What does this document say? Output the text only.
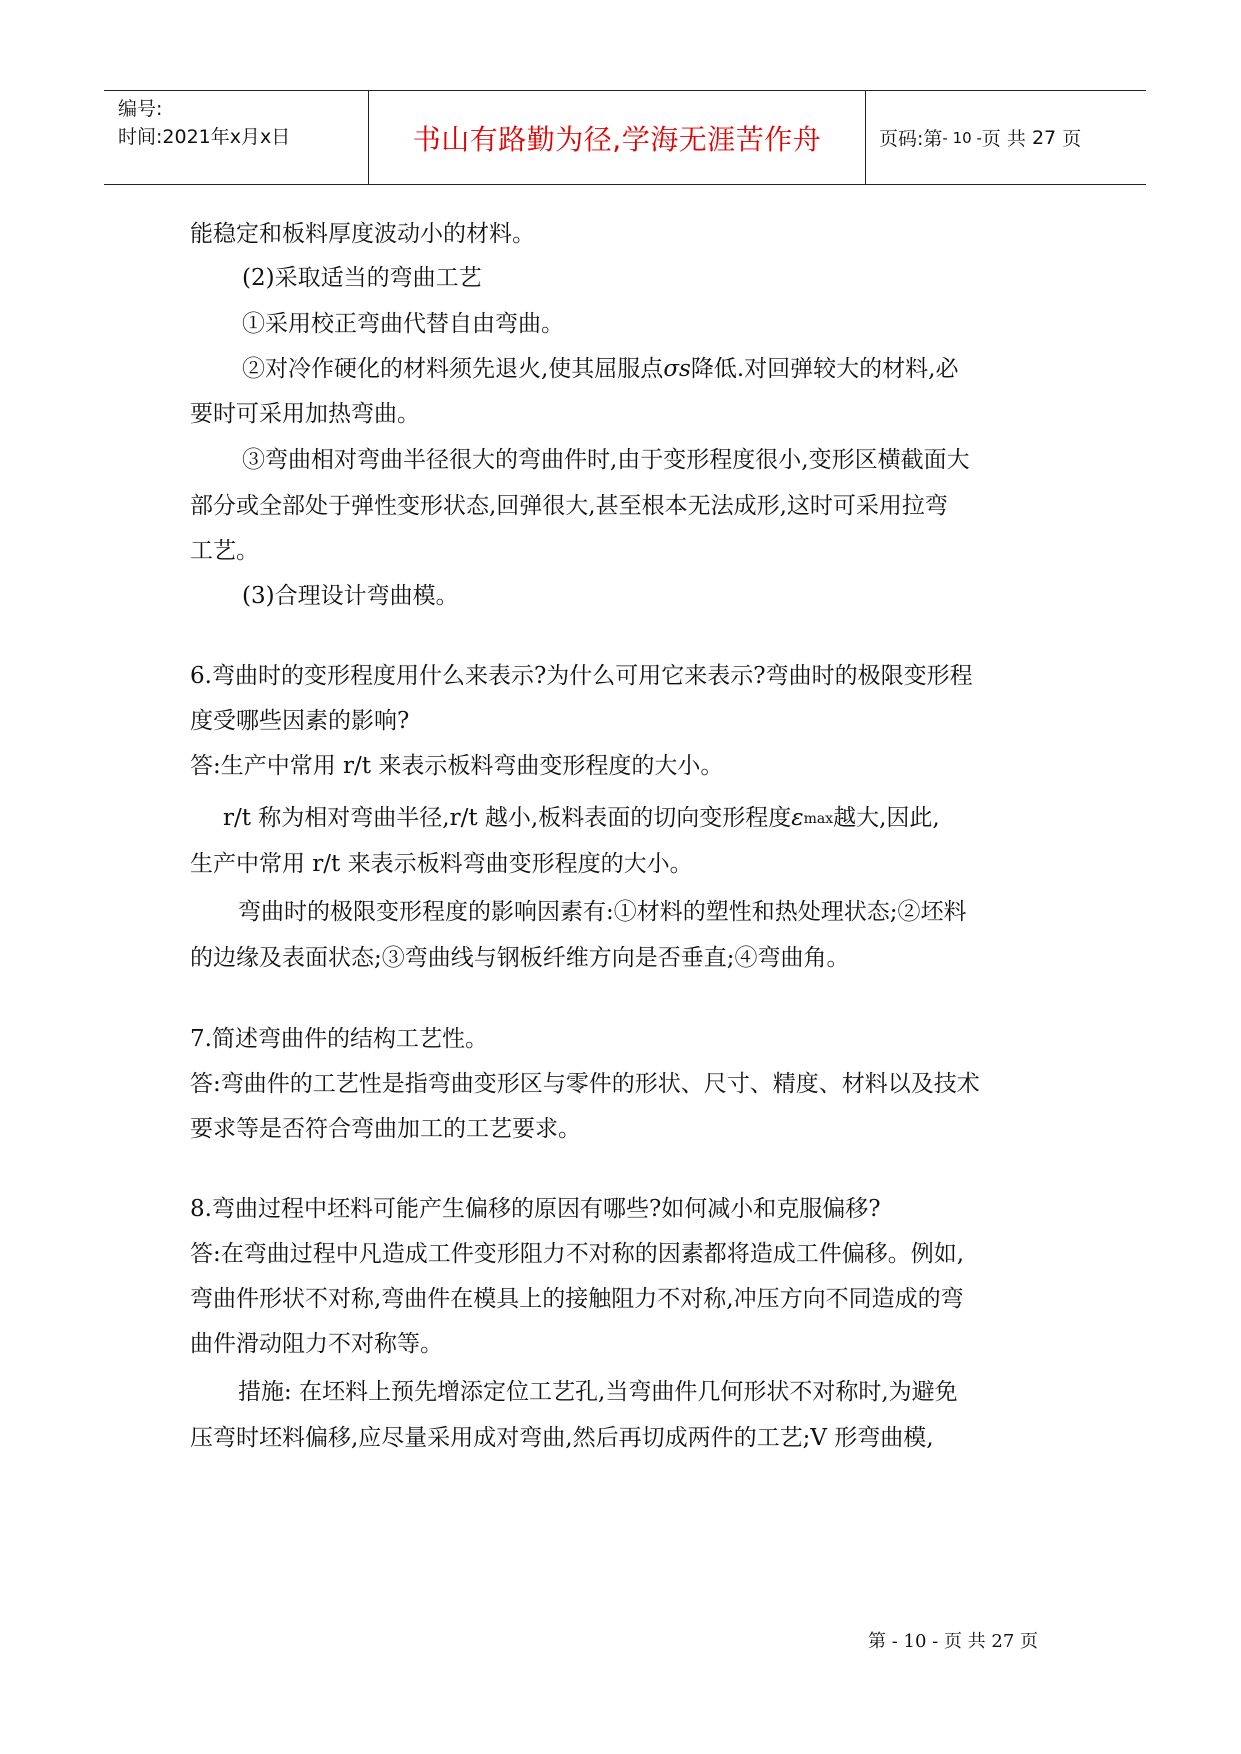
编号:
时间:2021年x月x日	书山有路勤为径,学海无涯苦作舟	页码:第 - 10 - 页 共
27
页
能稳定和板料厚度波动小的材料。
(2)采取适当的弯曲工艺
①采用校正弯曲代替自由弯曲。
②对冷作硬化的材料须先退火,使其屈服点σs降低.对回弹较大的材料,必
要时可采用加热弯曲。
③弯曲相对弯曲半径很大的弯曲件时,由于变形程度很小,变形区横截面大
部分或全部处于弹性变形状态,回弹很大,甚至根本无法成形,这时可采用拉弯
工艺。
(3)合理设计弯曲模。
6.弯曲时的变形程度用什么来表示?为什么可用它来表示?弯曲时的极限变形程
度受哪些因素的影响?
答:生产中常用 r/t 来表示板料弯曲变形程度的大小。
r/t 称为相对弯曲半径,r/t 越小,板料表面的切向变形程度εmax越大,因此,
生产中常用 r/t 来表示板料弯曲变形程度的大小。
弯曲时的极限变形程度的影响因素有:①材料的塑性和热处理状态;②坯料
的边缘及表面状态;③弯曲线与钢板纤维方向是否垂直;④弯曲角。
7.简述弯曲件的结构工艺性。
答:弯曲件的工艺性是指弯曲变形区与零件的形状、尺寸、精度、材料以及技术
要求等是否符合弯曲加工的工艺要求。
8.弯曲过程中坯料可能产生偏移的原因有哪些?如何减小和克服偏移?
答:在弯曲过程中凡造成工件变形阻力不对称的因素都将造成工件偏移。例如,
弯曲件形状不对称,弯曲件在模具上的接触阻力不对称,冲压方向不同造成的弯
曲件滑动阻力不对称等。
措施: 在坯料上预先增添定位工艺孔,当弯曲件几何形状不对称时,为避免
压弯时坯料偏移,应尽量采用成对弯曲,然后再切成两件的工艺;V 形弯曲模,
第 - 10 - 页 共 27 页
